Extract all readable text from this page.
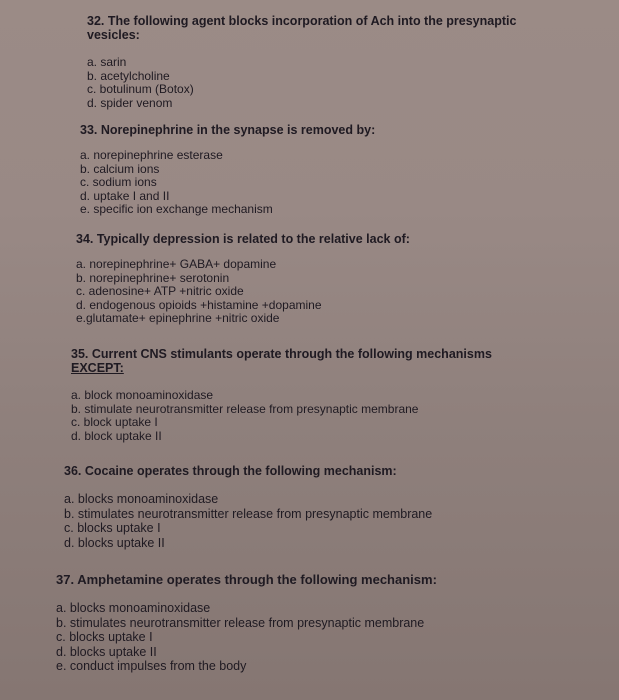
32. The following agent blocks incorporation of Ach into the presynaptic vesicles:
a. sarin
b. acetylcholine
c. botulinum (Botox)
d. spider venom
33. Norepinephrine in the synapse is removed by:
a. norepinephrine esterase
b. calcium ions
c. sodium ions
d. uptake I and II
e. specific ion exchange mechanism
34. Typically depression is related to the relative lack of:
a. norepinephrine+ GABA+ dopamine
b. norepinephrine+ serotonin
c. adenosine+ ATP +nitric oxide
d. endogenous opioids +histamine +dopamine
e.glutamate+ epinephrine +nitric oxide
35. Current CNS stimulants operate through the following mechanisms
EXCEPT:
a. block monoaminoxidase
b. stimulate neurotransmitter release from presynaptic membrane
c. block uptake I
d. block uptake II
36. Cocaine operates through the following mechanism:
a. blocks monoaminoxidase
b. stimulates neurotransmitter release from presynaptic membrane
c. blocks uptake I
d. blocks uptake II
37. Amphetamine operates through the following mechanism:
a. blocks monoaminoxidase
b. stimulates neurotransmitter release from presynaptic membrane
c. blocks uptake I
d. blocks uptake II
e. conduct impulses from the body
